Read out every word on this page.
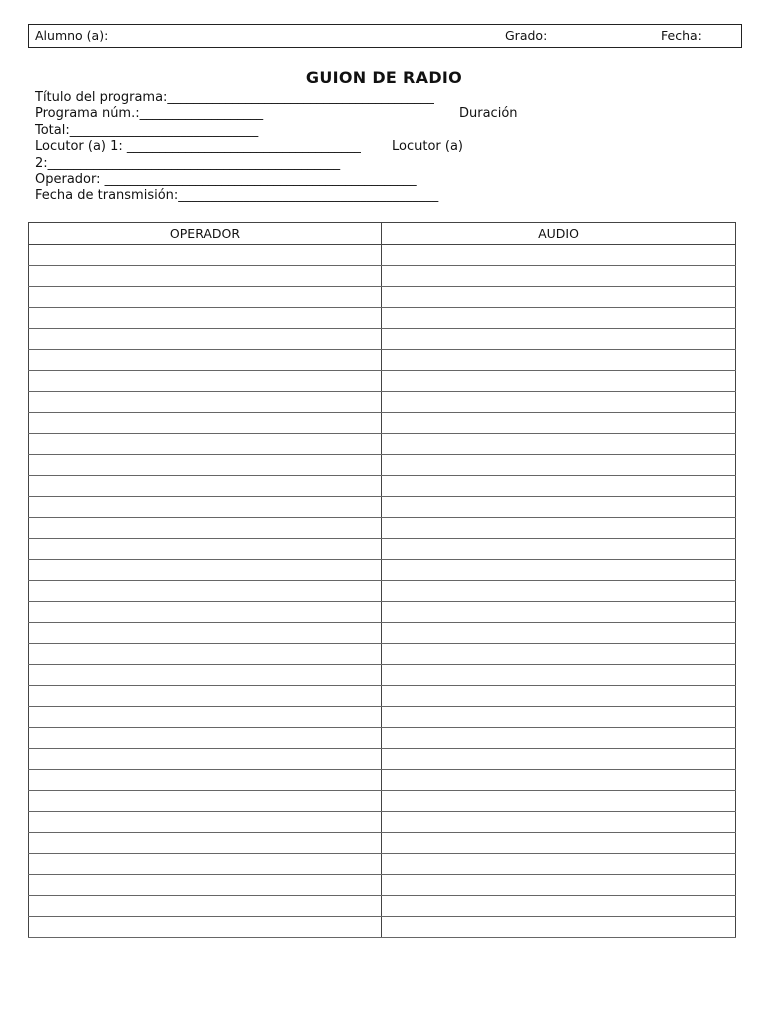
Alumno (a):	Grado:	Fecha:
GUION DE RADIO
Título del programa:_________________________________________
Programa núm.:___________________	Duración
Total:_____________________________
Locutor (a) 1: ____________________________________ Locutor (a)
2:_____________________________________________
Operador: ________________________________________________
Fecha de transmisión:________________________________________
OPERADOR	AUDIO
